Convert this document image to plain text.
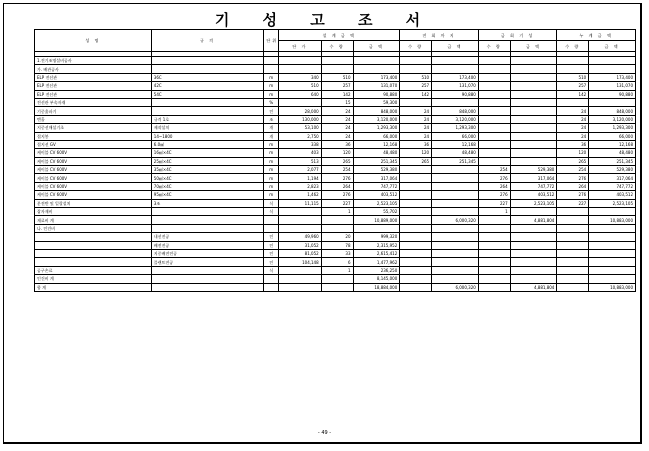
기 성 고 조 서
성 명	규 격	단위	설 계 금 액			전 회 까 지		금 회 기 성		누 계 금 액	
			단 가	수 량	금 액	수 량	금 액	수 량	금 액	수 량	금 액

1.전기조명설비공사											
가. 배관공사											
ELP 전선관	36C	m	340	510	173,400	510	173,400			510	173,400
ELP 전선관	42C	m	510	257	131,070	257	131,070			257	131,070
ELP 전선관	54C	m	640	142	90,880	142	90,880			142	90,880
전선관 부속자재		%		15	59,300						
기중흙파기		인	28,000	24	848,000	24	848,000			24	848,000
맨홀	규격 1호	조	130,000	24	3,120,000	24	3,120,000			24	3,120,000
지중선매설기초	제작설치	개	53,100	24	1,293,300	24	1,293,300			24	1,293,300
접지봉	14~1800	개	2,750	24	66,000	24	66,000			24	66,000
접지선 GV	6.0㎟	m	338	36	12,168	36	12,168			36	12,168
케이블 CV 600V	16㎟×4C	m	403	120	48,480	120	48,480			120	48,480
케이블 CV 600V	25㎟×4C	m	513	265	251,345	265	251,345			265	251,345
케이블 CV 600V	35㎟×4C	m	2,077	254	529,380			254	529,380	254	529,380
케이블 CV 600V	50㎟×4C	m	1,194	276	317,064			276	317,064	276	317,064
케이블 CV 600V	70㎟×4C	m	2,823	264	747,772			264	747,772	264	747,772
케이블 CV 600V	95㎟×4C	m	1,462	276	403,512			276	403,512	276	403,512
분전반 및 일괄설치	3조	식	11,115	227	2,523,105			227	2,523,105	227	2,523,105
잡자재비		식		1	55,702			1			
재료비 계					10,889,000		6,000,320		4,881,804		10,883,000
나. 인건비											
	내선전공	인	49,960	20	999,320						
	배전전공	인	31,052	78	2,315,952						
	지중배전전공	인	81,052	33	2,615,412						
	플랜트전공	인	104,148	6	1,477,962						
공구손료		식		1	236,250						
인건비 계					8,145,000						
합 계					18,884,000		6,000,320		4,881,804		10,883,000
- 49 -
